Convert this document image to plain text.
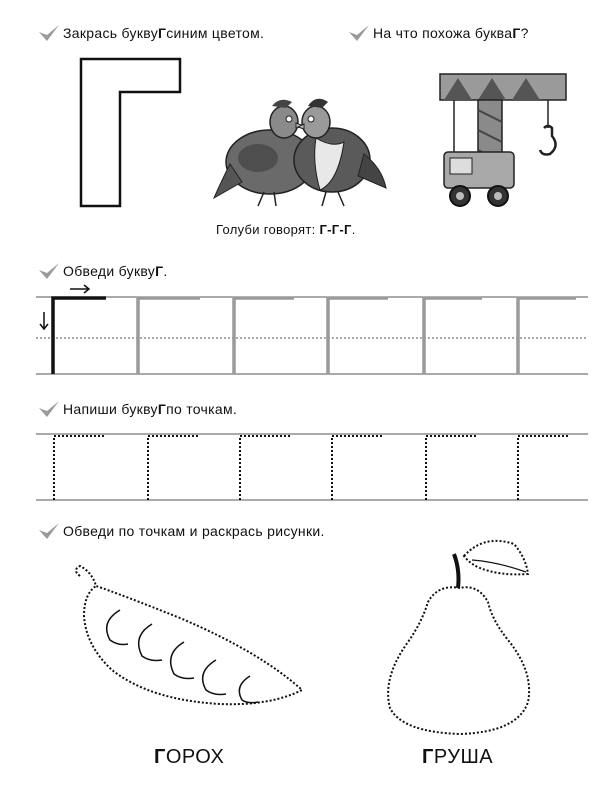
Закрась букву Г синим цветом.	На что похожа буква Г ?
Голуби говорят: Г-Г-Г.
Обведи букву Г .
Напиши букву Г по точкам.
Обведи по точкам и раскрась рисунки.
ГОРОХ	ГРУША
